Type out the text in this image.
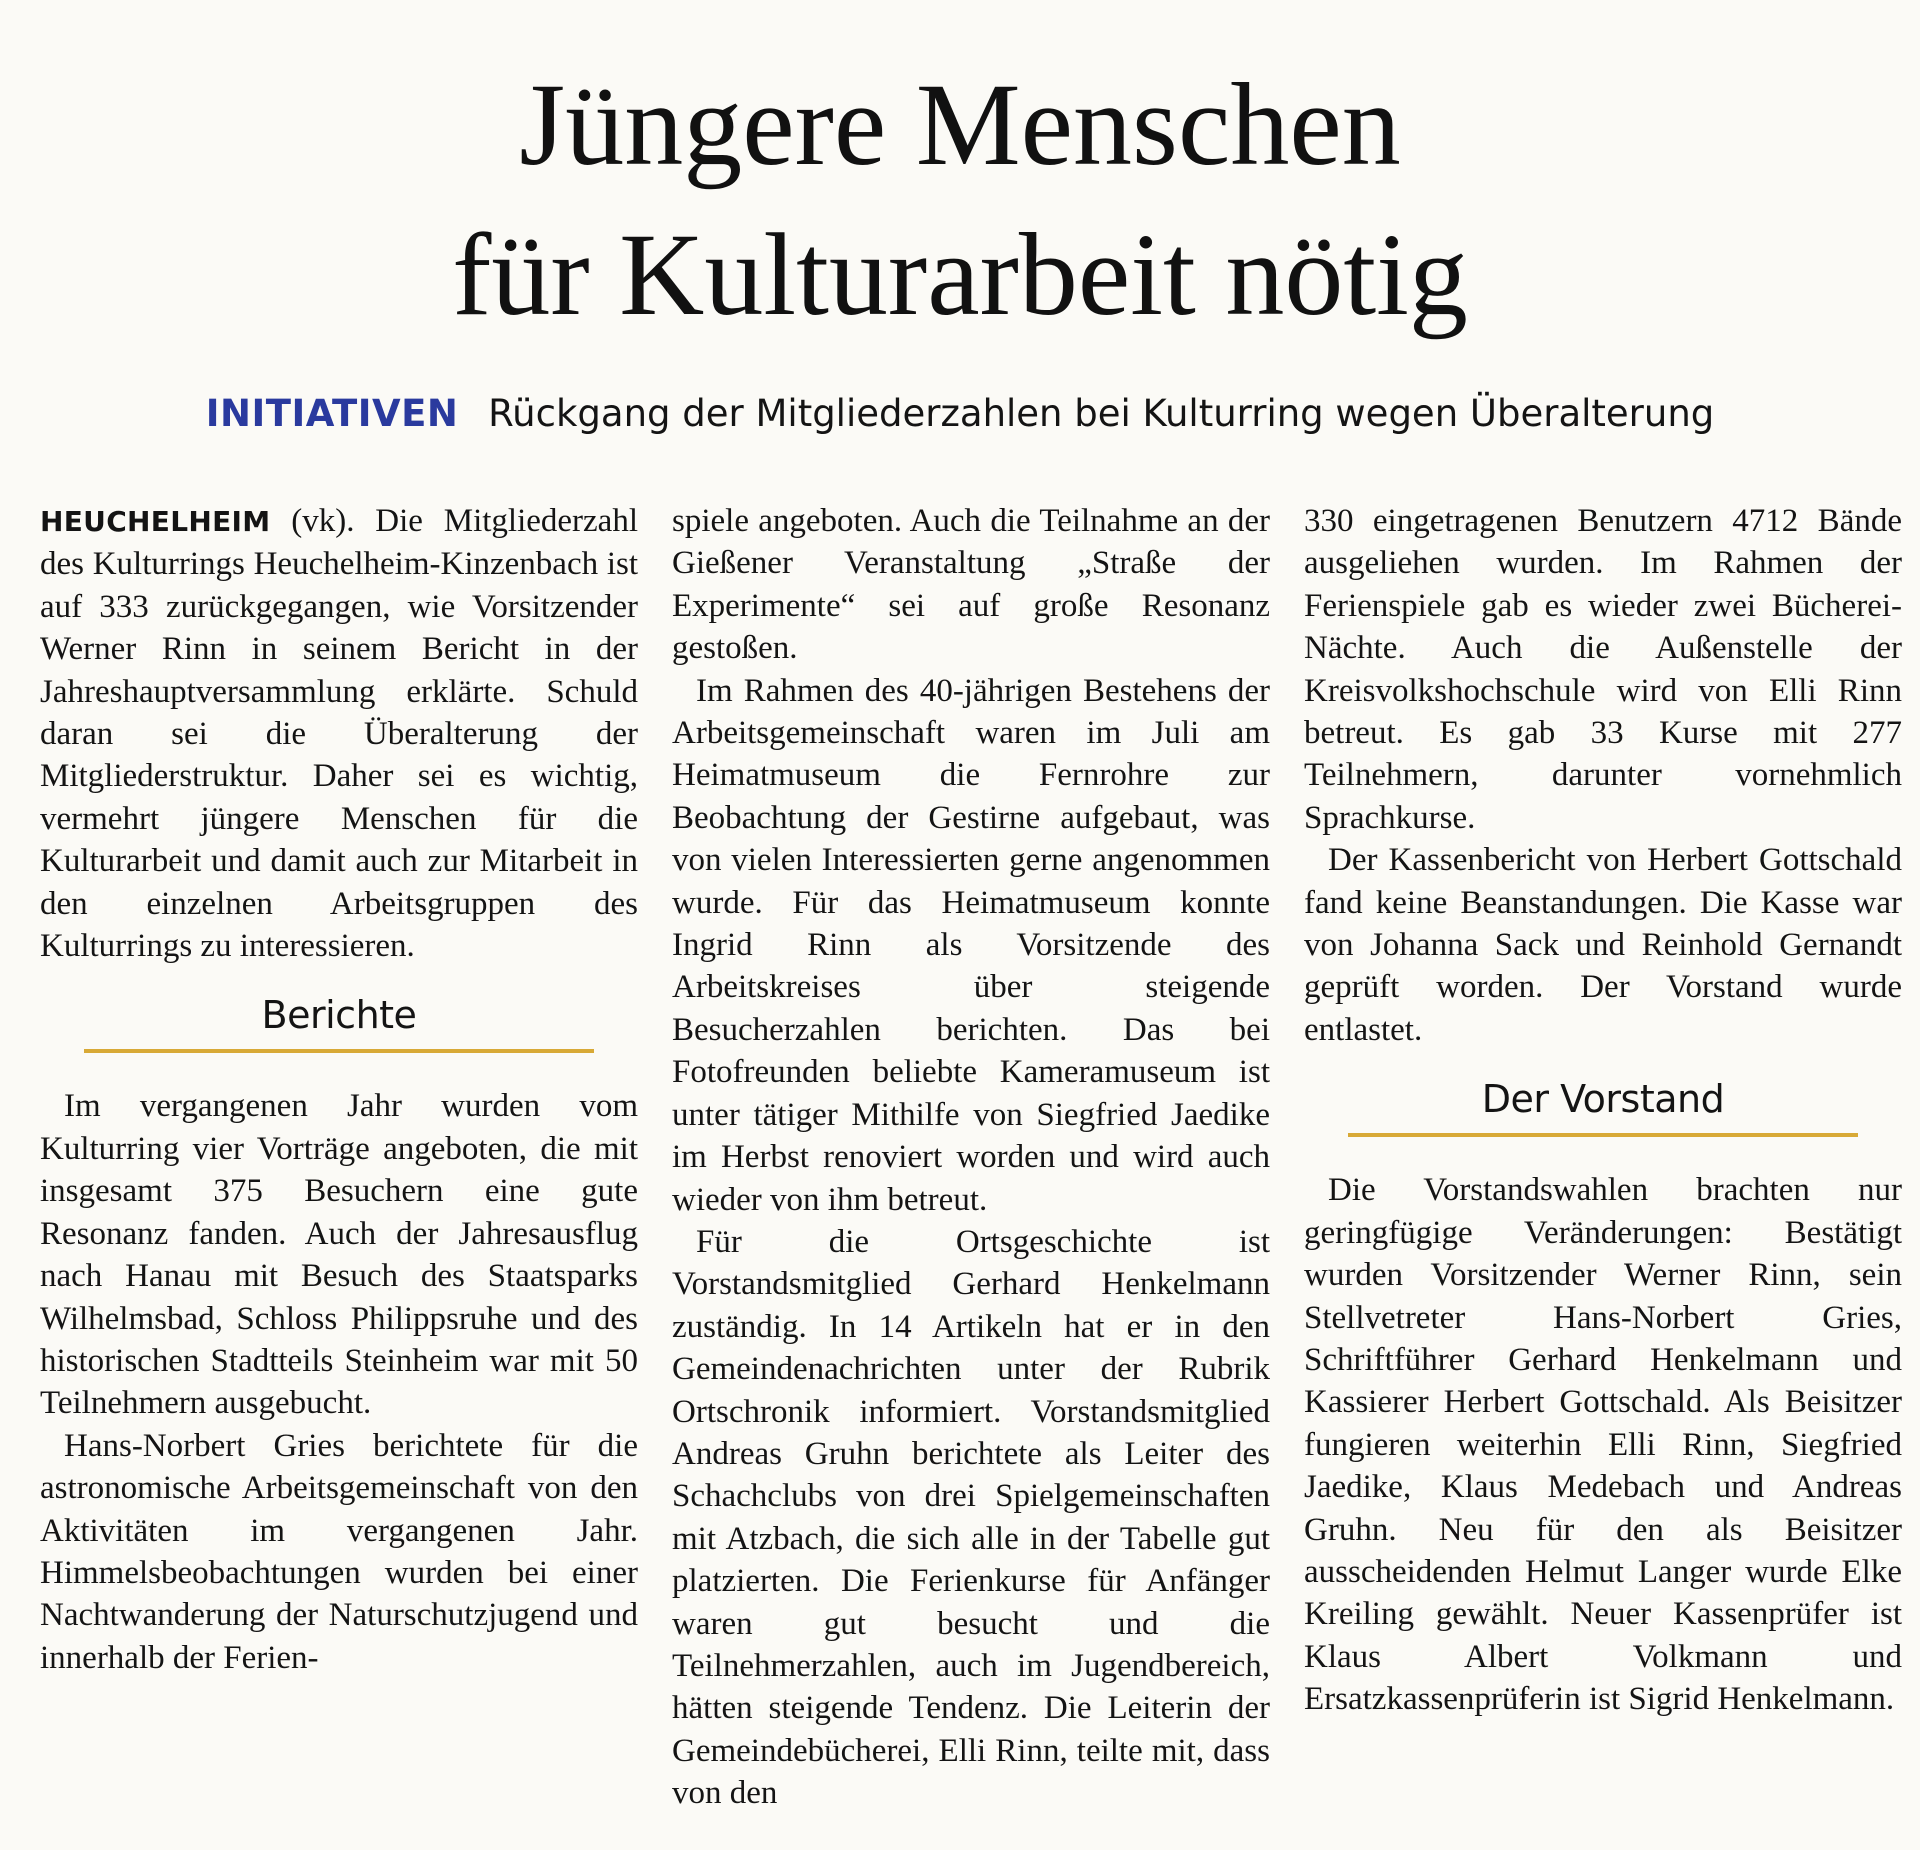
Jüngere Menschen
für Kulturarbeit nötig
INITIATIVEN Rückgang der Mitgliederzahlen bei Kulturring wegen Überalterung

HEUCHELHEIM (vk). Die Mitgliederzahl des Kulturrings Heuchelheim-Kinzenbach ist auf 333 zurückgegangen, wie Vorsitzender Werner Rinn in seinem Bericht in der Jahreshauptversammlung erklärte. Schuld daran sei die Überalterung der Mitgliederstruktur. Daher sei es wichtig, vermehrt jüngere Menschen für die Kulturarbeit und damit auch zur Mitarbeit in den einzelnen Arbeitsgruppen des Kulturrings zu interessieren.

Berichte

Im vergangenen Jahr wurden vom Kulturring vier Vorträge angeboten, die mit insgesamt 375 Besuchern eine gute Resonanz fanden. Auch der Jahresausflug nach Hanau mit Besuch des Staatsparks Wilhelmsbad, Schloss Philippsruhe und des historischen Stadtteils Steinheim war mit 50 Teilnehmern ausgebucht.

Hans-Norbert Gries berichtete für die astronomische Arbeitsgemeinschaft von den Aktivitäten im vergangenen Jahr. Himmelsbeobachtungen wurden bei einer Nachtwanderung der Naturschutzjugend und innerhalb der Ferien-

spiele angeboten. Auch die Teilnahme an der Gießener Veranstaltung „Straße der Experimente“ sei auf große Resonanz gestoßen.

Im Rahmen des 40-jährigen Bestehens der Arbeitsgemeinschaft waren im Juli am Heimatmuseum die Fernrohre zur Beobachtung der Gestirne aufgebaut, was von vielen Interessierten gerne angenommen wurde. Für das Heimatmuseum konnte Ingrid Rinn als Vorsitzende des Arbeitskreises über steigende Besucherzahlen berichten. Das bei Fotofreunden beliebte Kameramuseum ist unter tätiger Mithilfe von Siegfried Jaedike im Herbst renoviert worden und wird auch wieder von ihm betreut.

Für die Ortsgeschichte ist Vorstandsmitglied Gerhard Henkelmann zuständig. In 14 Artikeln hat er in den Gemeindenachrichten unter der Rubrik Ortschronik informiert. Vorstandsmitglied Andreas Gruhn berichtete als Leiter des Schachclubs von drei Spielgemeinschaften mit Atzbach, die sich alle in der Tabelle gut platzierten. Die Ferienkurse für Anfänger waren gut besucht und die Teilnehmerzahlen, auch im Jugendbereich, hätten steigende Tendenz. Die Leiterin der Gemeindebücherei, Elli Rinn, teilte mit, dass von den

330 eingetragenen Benutzern 4712 Bände ausgeliehen wurden. Im Rahmen der Ferienspiele gab es wieder zwei Bücherei-Nächte. Auch die Außenstelle der Kreisvolkshochschule wird von Elli Rinn betreut. Es gab 33 Kurse mit 277 Teilnehmern, darunter vornehmlich Sprachkurse.

Der Kassenbericht von Herbert Gottschald fand keine Beanstandungen. Die Kasse war von Johanna Sack und Reinhold Gernandt geprüft worden. Der Vorstand wurde entlastet.

Der Vorstand

Die Vorstandswahlen brachten nur geringfügige Veränderungen: Bestätigt wurden Vorsitzender Werner Rinn, sein Stellvetreter Hans-Norbert Gries, Schriftführer Gerhard Henkelmann und Kassierer Herbert Gottschald. Als Beisitzer fungieren weiterhin Elli Rinn, Siegfried Jaedike, Klaus Medebach und Andreas Gruhn. Neu für den als Beisitzer ausscheidenden Helmut Langer wurde Elke Kreiling gewählt. Neuer Kassenprüfer ist Klaus Albert Volkmann und Ersatzkassenprüferin ist Sigrid Henkelmann.
